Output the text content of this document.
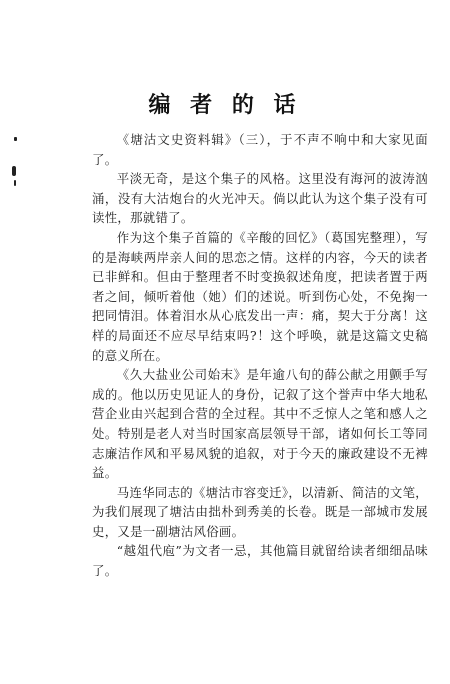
编 者 的 话

《塘沽文史资料辑》（三），于不声不响中和大家见面了。

平淡无奇，是这个集子的风格。这里没有海河的波涛汹涌，没有大沽炮台的火光冲天。倘以此认为这个集子没有可读性，那就错了。

作为这个集子首篇的《辛酸的回忆》（葛国宪整理），写的是海峡两岸亲人间的思恋之情。这样的内容，今天的读者已非鲜和。但由于整理者不时变换叙述角度，把读者置于两者之间，倾听着他（她）们的述说。听到伤心处，不免掬一把同情泪。体着泪水从心底发出一声：痛，契大于分离！这样的局面还不应尽早结束吗?！这个呼唤，就是这篇文史稿的意义所在。

《久大盐业公司始末》是年逾八旬的薛公献之用颤手写成的。他以历史见证人的身份，记叙了这个誉声中华大地私营企业由兴起到合营的全过程。其中不乏惊人之笔和感人之处。特别是老人对当时国家高层领导干部，诸如何长工等同志廉洁作风和平易风貌的追叙，对于今天的廉政建设不无裨益。

马连华同志的《塘沽市容变迁》，以清新、简洁的文笔，为我们展现了塘沽由拙朴到秀美的长卷。既是一部城市发展史，又是一副塘沽风俗画。

“越俎代庖”为文者一忌，其他篇目就留给读者细细品味了。
